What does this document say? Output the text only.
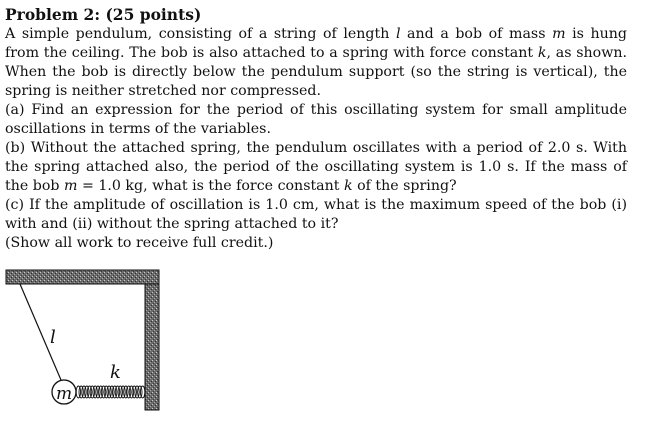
Problem 2: (25 points)

A simple pendulum, consisting of a string of length l and a bob of mass m is hung from the ceiling. The bob is also attached to a spring with force constant k, as shown. When the bob is directly below the pendulum support (so the string is vertical), the spring is neither stretched nor compressed.

(a) Find an expression for the period of this oscillating system for small amplitude oscillations in terms of the variables.

(b) Without the attached spring, the pendulum oscillates with a period of 2.0 s. With the spring attached also, the period of the oscillating system is 1.0 s. If the mass of the bob m = 1.0 kg, what is the force constant k of the spring?

(c) If the amplitude of oscillation is 1.0 cm, what is the maximum speed of the bob (i) with and (ii) without the spring attached to it?

(Show all work to receive full credit.)

l
k
m
